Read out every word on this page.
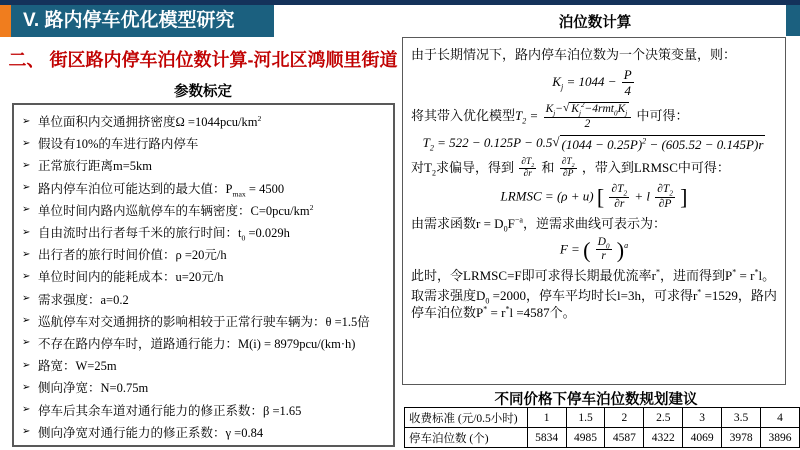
V. 路内停车优化模型研究
二、 街区路内停车泊位数计算-河北区鸿顺里街道
参数标定
➢ 单位面积内交通拥挤密度$\Omega =1044pcu/km^2$
➢ 假设有10%的车进行路内停车
➢ 正常旅行距离m=5km
➢ 路内停车泊位可能达到的最大值：$P_{max} = 4500$
➢ 单位时间内路内巡航停车的车辆密度：$C=0pcu/km^2$
➢ 自由流时出行者每千米的旅行时间：$t_0 =0.029h$
➢ 出行者的旅行时间价值：ρ =20元/h
➢ 单位时间内的能耗成本：u=20元/h
➢ 需求强度：a=0.2
➢ 巡航停车对交通拥挤的影响相较于正常行驶车辆为：θ =1.5倍
➢ 不存在路内停车时，道路通行能力：M(i) = 8979pcu/(km·h)
➢ 路宽：W=25m
➢ 侧向净宽：N=0.75m
➢ 停车后其余车道对通行能力的修正系数：β =1.65
➢ 侧向净宽对通行能力的修正系数：γ =0.84
泊位数计算
由于长期情况下，路内停车泊位数为一个决策变量，则：
$K_j = 1044 - \frac{P}{4}$
将其带入优化模型$T_2 = \frac{K_j- √ K_j^2-4rmt_0K_j}{2}$ 中可得：
$T_2 = 522 - 0.125P - 0.5$ √ $(1044 - 0.25P)^2 - (605.52 - 0.145P)r$
对$T_2$求偏导，得到 $\frac{\partial T_2}{\partial r}$ 和 $\frac{\partial T_2}{\partial P}$ ，带入到LRMSC中可得：
LRMSC = (ρ + u) [ $\frac{\partial T_2}{\partial r} + l \frac{\partial T_2}{\partial P}$ ]
由需求函数$r = D_0F^{-a}$，逆需求曲线可表示为：
F = ( $\frac{D_0}{r} )^a$
此时，令LRMSC=F即可求得长期最优流率r*，进而得到P* = r*l。
取需求强度$D_0 =2000$，停车平均时长l=3h，可求得r* =1529，路内停车泊位数P* = r*l =4587个。
不同价格下停车泊位数规划建议
收费标准 (元/0.5小时)	1	1.5	2	2.5	3	3.5	4
停车泊位数 (个)	5834	4985	4587	4322	4069	3978	3896
